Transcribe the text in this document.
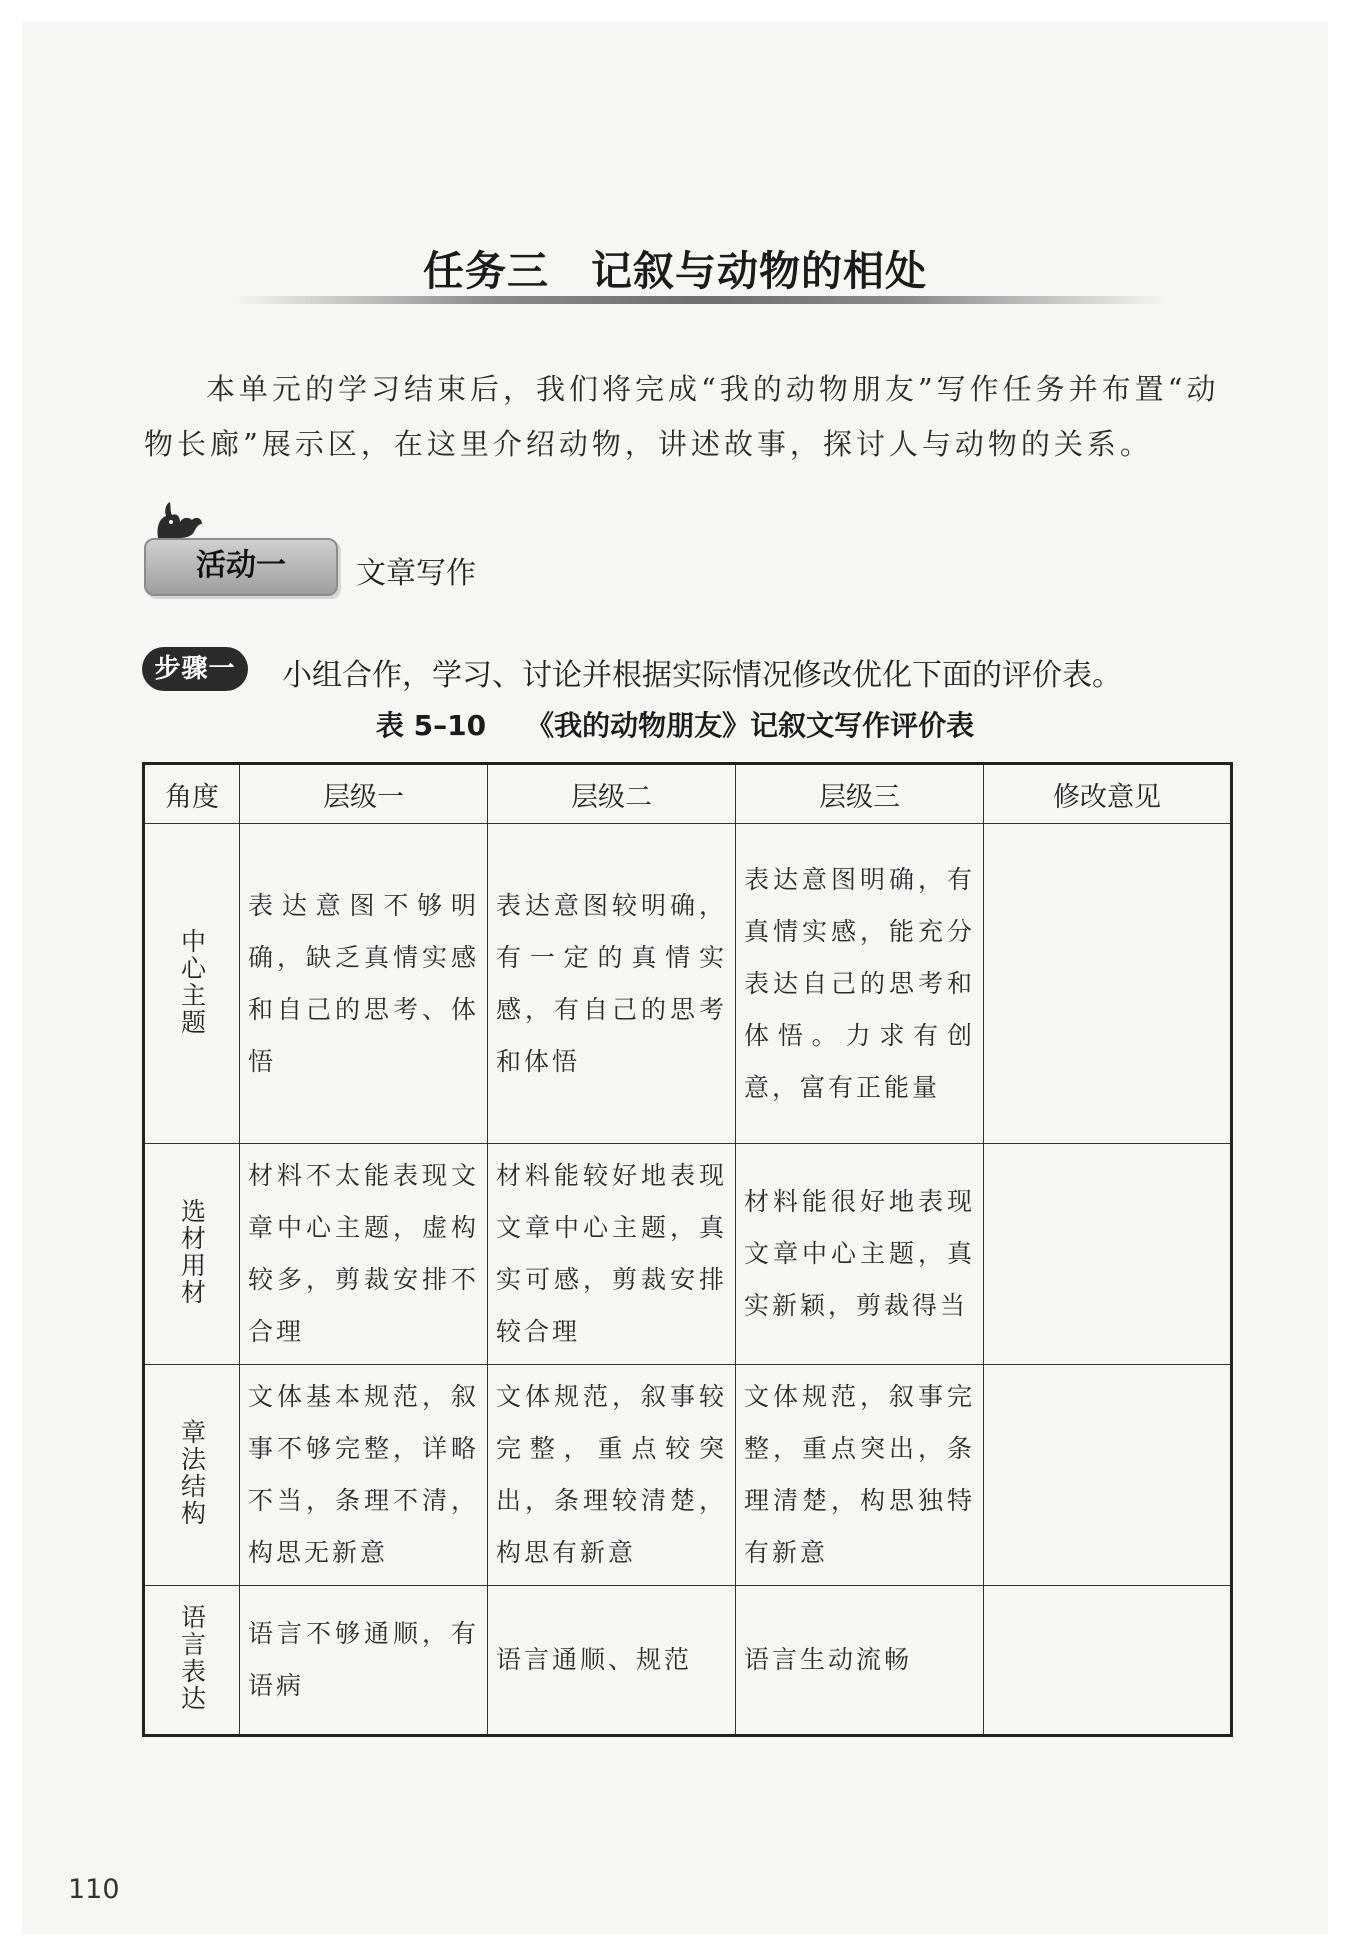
任务三　记叙与动物的相处

本单元的学习结束后，我们将完成“我的动物朋友”写作任务并布置“动物长廊”展示区，在这里介绍动物，讲述故事，探讨人与动物的关系。

活动一	文章写作
步骤一	小组合作，学习、讨论并根据实际情况修改优化下面的评价表。
表 5–10 《我的动物朋友》记叙文写作评价表
角度	层级一	层级二	层级三	修改意见
中心主题	表达意图不够明确，缺乏真情实感和自己的思考、体悟	表达意图较明确，有一定的真情实感，有自己的思考和体悟	表达意图明确，有真情实感，能充分表达自己的思考和体悟。力求有创意，富有正能量	
选材用材	材料不太能表现文章中心主题，虚构较多，剪裁安排不合理	材料能较好地表现文章中心主题，真实可感，剪裁安排较合理	材料能很好地表现文章中心主题，真实新颖，剪裁得当	
章法结构	文体基本规范，叙事不够完整，详略不当，条理不清，构思无新意	文体规范，叙事较完整，重点较突出，条理较清楚，构思有新意	文体规范，叙事完整，重点突出，条理清楚，构思独特有新意	
语言表达	语言不够通顺，有语病	语言通顺、规范	语言生动流畅	
110
